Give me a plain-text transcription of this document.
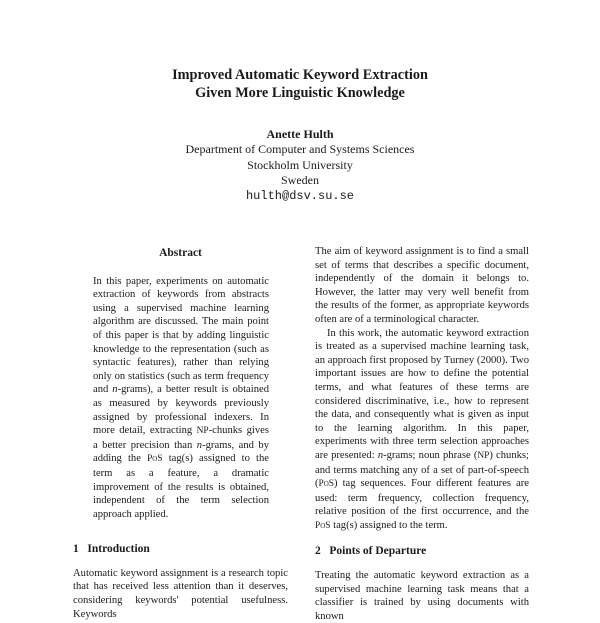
Improved Automatic Keyword Extraction
Given More Linguistic Knowledge
Anette Hulth
Department of Computer and Systems Sciences
Stockholm University
Sweden
hulth@dsv.su.se
Abstract

In this paper, experiments on automatic extraction of keywords from abstracts using a supervised machine learning algorithm are discussed. The main point of this paper is that by adding linguistic knowledge to the representation (such as syntactic features), rather than relying only on statistics (such as term frequency and n-grams), a better result is obtained as measured by keywords previously assigned by professional indexers. In more detail, extracting NP-chunks gives a better precision than n-grams, and by adding the PoS tag(s) assigned to the term as a feature, a dramatic improvement of the results is obtained, independent of the term selection approach applied.

1   Introduction

Automatic keyword assignment is a research topic that has received less attention than it deserves, considering keywords' potential usefulness. Keywords

The aim of keyword assignment is to find a small set of terms that describes a specific document, independently of the domain it belongs to. However, the latter may very well benefit from the results of the former, as appropriate keywords often are of a terminological character.

In this work, the automatic keyword extraction is treated as a supervised machine learning task, an approach first proposed by Turney (2000). Two important issues are how to define the potential terms, and what features of these terms are considered discriminative, i.e., how to represent the data, and consequently what is given as input to the learning algorithm. In this paper, experiments with three term selection approaches are presented: n-grams; noun phrase (NP) chunks; and terms matching any of a set of part-of-speech (PoS) tag sequences. Four different features are used: term frequency, collection frequency, relative position of the first occurrence, and the PoS tag(s) assigned to the term.

2   Points of Departure

Treating the automatic keyword extraction as a supervised machine learning task means that a classifier is trained by using documents with known
